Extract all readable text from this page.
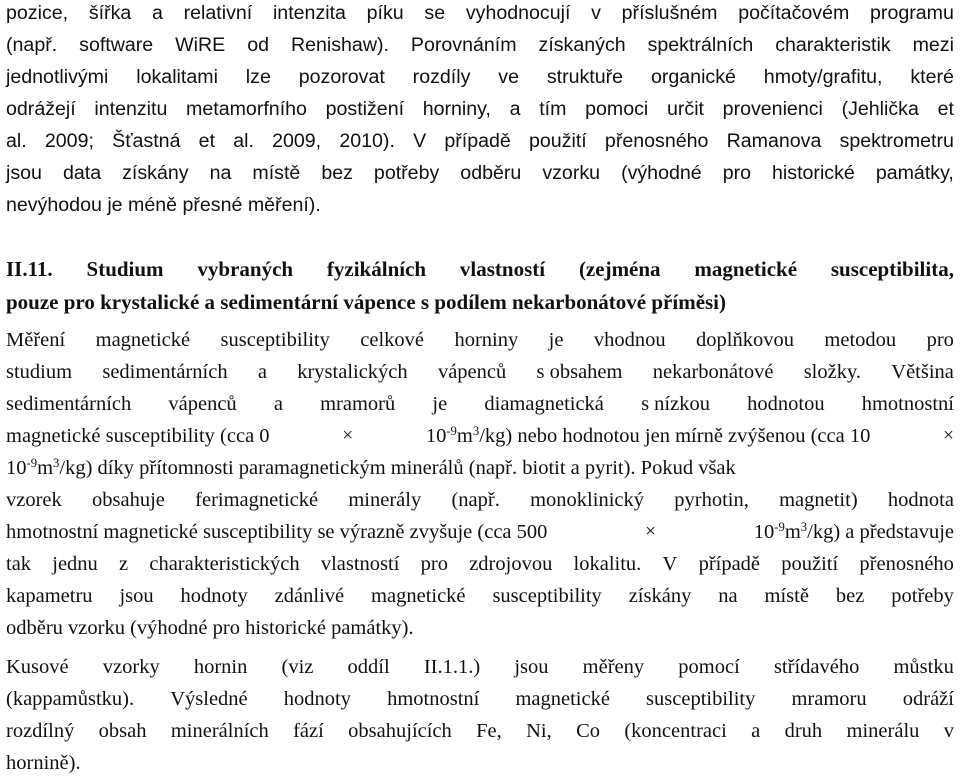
pozice, šířka a relativní intenzita píku se vyhodnocují v příslušném počítačovém programu
(např. software WiRE od Renishaw). Porovnáním získaných spektrálních charakteristik mezi
jednotlivými lokalitami lze pozorovat rozdíly ve struktuře organické hmoty/grafitu, které
odrážejí intenzitu metamorfního postižení horniny, a tím pomoci určit provenienci (Jehlička et
al. 2009; Šťastná et al. 2009, 2010). V případě použití přenosného Ramanova spektrometru
jsou data získány na místě bez potřeby odběru vzorku (výhodné pro historické památky,
nevýhodou je méně přesné měření).
II.11. Studium vybraných fyzikálních vlastností (zejména magnetické susceptibilita,
pouze pro krystalické a sedimentární vápence s podílem nekarbonátové příměsi)
Měření magnetické susceptibility celkové horniny je vhodnou doplňkovou metodou pro
studium sedimentárních a krystalických vápenců s obsahem nekarbonátové složky. Většina
sedimentárních vápenců a mramorů je diamagnetická s nízkou hodnotou hmotnostní
magnetické susceptibility (cca 0	×	$10^{-9}m^3/kg$) nebo hodnotou jen mírně zvýšenou (cca 10	×
$10^{-9}m^3/kg$) díky přítomnosti paramagnetickým minerálů (např. biotit a pyrit). Pokud však
vzorek obsahuje ferimagnetické minerály (např. monoklinický pyrhotin, magnetit) hodnota
hmotnostní magnetické susceptibility se výrazně zvyšuje (cca 500	×	$10^{-9}m^3/kg$) a představuje
tak jednu z charakteristických vlastností pro zdrojovou lokalitu. V případě použití přenosného
kapametru jsou hodnoty zdánlivé magnetické susceptibility získány na místě bez potřeby
odběru vzorku (výhodné pro historické památky).
Kusové vzorky hornin (viz oddíl II.1.1.) jsou měřeny pomocí střídavého můstku
(kappamůstku). Výsledné hodnoty hmotnostní magnetické susceptibility mramoru odráží
rozdílný obsah minerálních fází obsahujících Fe, Ni, Co (koncentraci a druh minerálu v
hornině).
